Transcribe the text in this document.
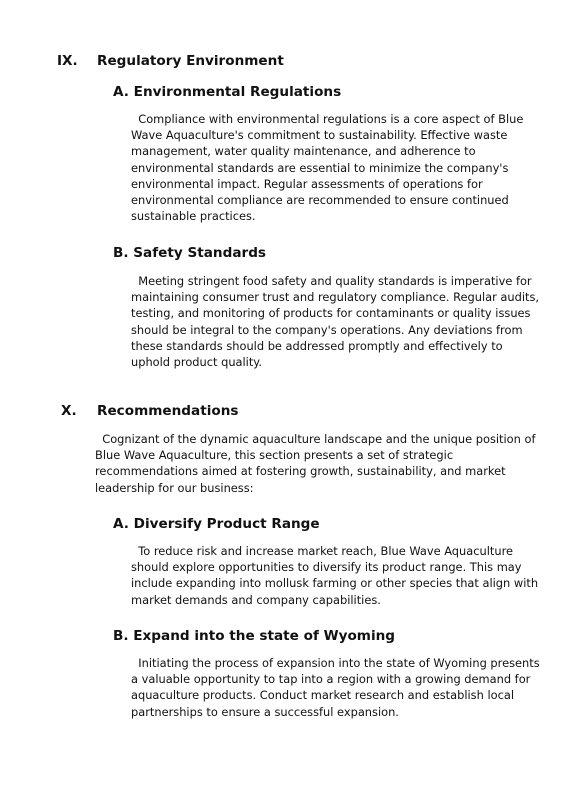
IX.	Regulatory Environment
A. Environmental Regulations
Compliance with environmental regulations is a core aspect of Blue
Wave Aquaculture's commitment to sustainability. Effective waste
management, water quality maintenance, and adherence to
environmental standards are essential to minimize the company's
environmental impact. Regular assessments of operations for
environmental compliance are recommended to ensure continued
sustainable practices.
B. Safety Standards
Meeting stringent food safety and quality standards is imperative for
maintaining consumer trust and regulatory compliance. Regular audits,
testing, and monitoring of products for contaminants or quality issues
should be integral to the company's operations. Any deviations from
these standards should be addressed promptly and effectively to
uphold product quality.
X.	Recommendations
Cognizant of the dynamic aquaculture landscape and the unique position of
Blue Wave Aquaculture, this section presents a set of strategic
recommendations aimed at fostering growth, sustainability, and market
leadership for our business:
A. Diversify Product Range
To reduce risk and increase market reach, Blue Wave Aquaculture
should explore opportunities to diversify its product range. This may
include expanding into mollusk farming or other species that align with
market demands and company capabilities.
B. Expand into the state of Wyoming
Initiating the process of expansion into the state of Wyoming presents
a valuable opportunity to tap into a region with a growing demand for
aquaculture products. Conduct market research and establish local
partnerships to ensure a successful expansion.
